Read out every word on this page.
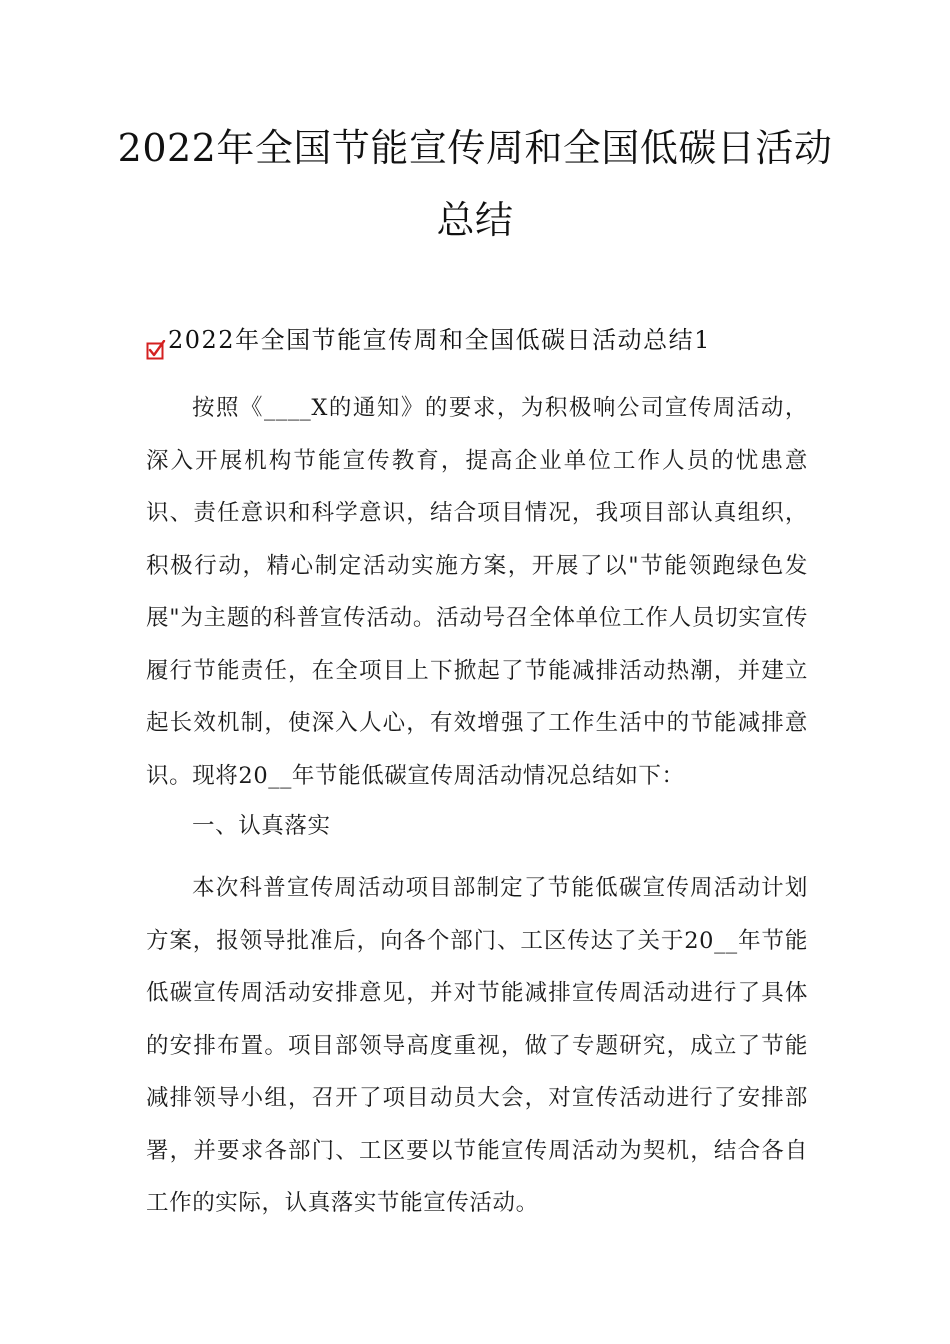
2022年全国节能宣传周和全国低碳日活动
总结
2022年全国节能宣传周和全国低碳日活动总结1

按照《____X的通知》的要求，为积极响公司宣传周活动，深入开展机构节能宣传教育，提高企业单位工作人员的忧患意识、责任意识和科学意识，结合项目情况，我项目部认真组织，积极行动，精心制定活动实施方案，开展了以"节能领跑绿色发展"为主题的科普宣传活动。活动号召全体单位工作人员切实宣传履行节能责任，在全项目上下掀起了节能减排活动热潮，并建立起长效机制，使深入人心，有效增强了工作生活中的节能减排意识。现将20__年节能低碳宣传周活动情况总结如下：

一、认真落实

本次科普宣传周活动项目部制定了节能低碳宣传周活动计划方案，报领导批准后，向各个部门、工区传达了关于20__年节能低碳宣传周活动安排意见，并对节能减排宣传周活动进行了具体的安排布置。项目部领导高度重视，做了专题研究，成立了节能减排领导小组，召开了项目动员大会，对宣传活动进行了安排部署，并要求各部门、工区要以节能宣传周活动为契机，结合各自工作的实际，认真落实节能宣传活动。
